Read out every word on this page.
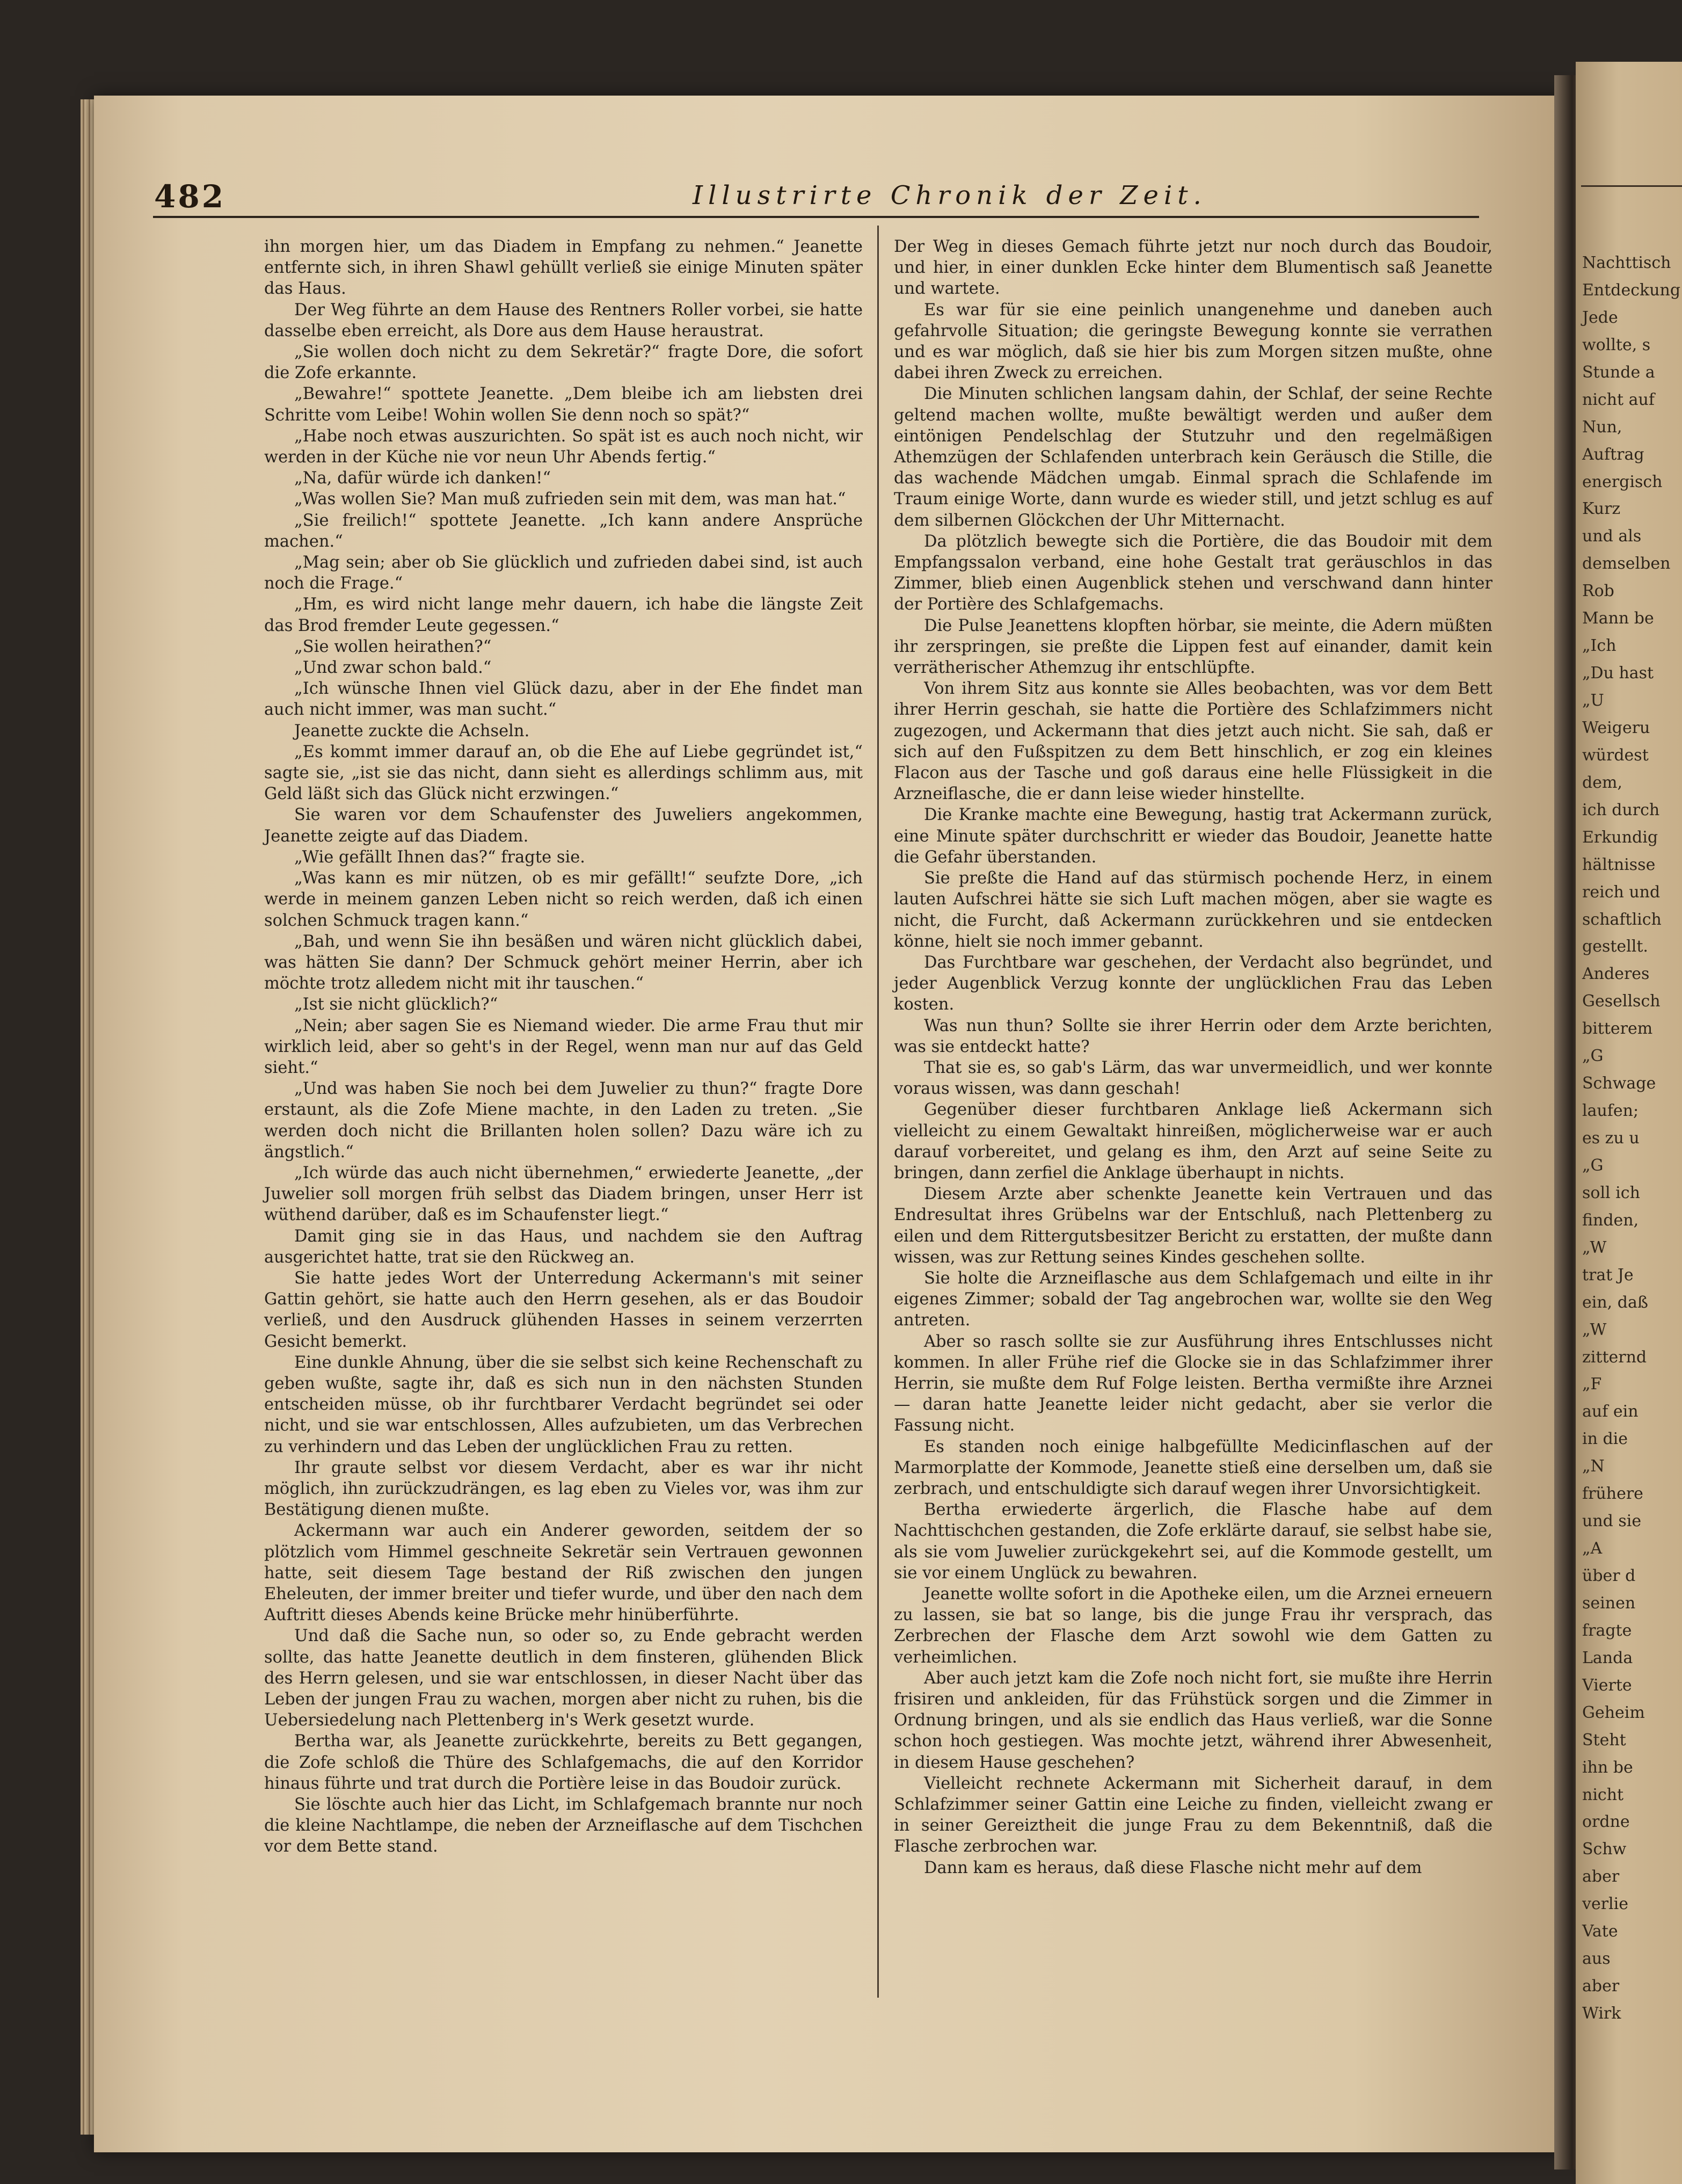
Nachttisch
Entdeckung
Jede
wollte, s
Stunde a
nicht auf
Nun,
Auftrag
energisch
Kurz
und als
demselben
Rob
Mann be
„Ich
„Du hast
„U
Weigeru
würdest
dem,
ich durch
Erkundig
hältnisse
reich und
schaftlich
gestellt.
Anderes
Gesellsch
bitterem
„G
Schwage
laufen;
es zu u
„G
soll ich
finden,
„W
trat Je
ein, daß
„W
zitternd
„F
auf ein
in die
„N
frühere
und sie
„A
über d
seinen
fragte
Landa
Vierte
Geheim
Steht
ihn be
nicht
ordne
Schw
aber
verlie
Vate
aus
aber
Wirk
482	Illustrirte Chronik der Zeit.

ihn morgen hier, um das Diadem in Empfang zu nehmen.“ Jeanette entfernte sich, in ihren Shawl gehüllt verließ sie einige Minuten später das Haus.

Der Weg führte an dem Hause des Rentners Roller vorbei, sie hatte dasselbe eben erreicht, als Dore aus dem Hause heraustrat.

„Sie wollen doch nicht zu dem Sekretär?“ fragte Dore, die sofort die Zofe erkannte.

„Bewahre!“ spottete Jeanette. „Dem bleibe ich am liebsten drei Schritte vom Leibe! Wohin wollen Sie denn noch so spät?“

„Habe noch etwas auszurichten. So spät ist es auch noch nicht, wir werden in der Küche nie vor neun Uhr Abends fertig.“

„Na, dafür würde ich danken!“

„Was wollen Sie? Man muß zufrieden sein mit dem, was man hat.“

„Sie freilich!“ spottete Jeanette. „Ich kann andere Ansprüche machen.“

„Mag sein; aber ob Sie glücklich und zufrieden dabei sind, ist auch noch die Frage.“

„Hm, es wird nicht lange mehr dauern, ich habe die längste Zeit das Brod fremder Leute gegessen.“

„Sie wollen heirathen?“

„Und zwar schon bald.“

„Ich wünsche Ihnen viel Glück dazu, aber in der Ehe findet man auch nicht immer, was man sucht.“

Jeanette zuckte die Achseln.

„Es kommt immer darauf an, ob die Ehe auf Liebe gegründet ist,“ sagte sie, „ist sie das nicht, dann sieht es allerdings schlimm aus, mit Geld läßt sich das Glück nicht erzwingen.“

Sie waren vor dem Schaufenster des Juweliers angekommen, Jeanette zeigte auf das Diadem.

„Wie gefällt Ihnen das?“ fragte sie.

„Was kann es mir nützen, ob es mir gefällt!“ seufzte Dore, „ich werde in meinem ganzen Leben nicht so reich werden, daß ich einen solchen Schmuck tragen kann.“

„Bah, und wenn Sie ihn besäßen und wären nicht glücklich dabei, was hätten Sie dann? Der Schmuck gehört meiner Herrin, aber ich möchte trotz alledem nicht mit ihr tauschen.“

„Ist sie nicht glücklich?“

„Nein; aber sagen Sie es Niemand wieder. Die arme Frau thut mir wirklich leid, aber so geht's in der Regel, wenn man nur auf das Geld sieht.“

„Und was haben Sie noch bei dem Juwelier zu thun?“ fragte Dore erstaunt, als die Zofe Miene machte, in den Laden zu treten. „Sie werden doch nicht die Brillanten holen sollen? Dazu wäre ich zu ängstlich.“

„Ich würde das auch nicht übernehmen,“ erwiederte Jeanette, „der Juwelier soll morgen früh selbst das Diadem bringen, unser Herr ist wüthend darüber, daß es im Schaufenster liegt.“

Damit ging sie in das Haus, und nachdem sie den Auftrag ausgerichtet hatte, trat sie den Rückweg an.

Sie hatte jedes Wort der Unterredung Ackermann's mit seiner Gattin gehört, sie hatte auch den Herrn gesehen, als er das Boudoir verließ, und den Ausdruck glühenden Hasses in seinem verzerrten Gesicht bemerkt.

Eine dunkle Ahnung, über die sie selbst sich keine Rechenschaft zu geben wußte, sagte ihr, daß es sich nun in den nächsten Stunden entscheiden müsse, ob ihr furchtbarer Verdacht begründet sei oder nicht, und sie war entschlossen, Alles aufzubieten, um das Verbrechen zu verhindern und das Leben der unglücklichen Frau zu retten.

Ihr graute selbst vor diesem Verdacht, aber es war ihr nicht möglich, ihn zurückzudrängen, es lag eben zu Vieles vor, was ihm zur Bestätigung dienen mußte.

Ackermann war auch ein Anderer geworden, seitdem der so plötzlich vom Himmel geschneite Sekretär sein Vertrauen gewonnen hatte, seit diesem Tage bestand der Riß zwischen den jungen Eheleuten, der immer breiter und tiefer wurde, und über den nach dem Auftritt dieses Abends keine Brücke mehr hinüberführte.

Und daß die Sache nun, so oder so, zu Ende gebracht werden sollte, das hatte Jeanette deutlich in dem finsteren, glühenden Blick des Herrn gelesen, und sie war entschlossen, in dieser Nacht über das Leben der jungen Frau zu wachen, morgen aber nicht zu ruhen, bis die Uebersiedelung nach Plettenberg in's Werk gesetzt wurde.

Bertha war, als Jeanette zurückkehrte, bereits zu Bett gegangen, die Zofe schloß die Thüre des Schlafgemachs, die auf den Korridor hinaus führte und trat durch die Portière leise in das Boudoir zurück.

Sie löschte auch hier das Licht, im Schlafgemach brannte nur noch die kleine Nachtlampe, die neben der Arzneiflasche auf dem Tischchen vor dem Bette stand.

Der Weg in dieses Gemach führte jetzt nur noch durch das Boudoir, und hier, in einer dunklen Ecke hinter dem Blumentisch saß Jeanette und wartete.

Es war für sie eine peinlich unangenehme und daneben auch gefahrvolle Situation; die geringste Bewegung konnte sie verrathen und es war möglich, daß sie hier bis zum Morgen sitzen mußte, ohne dabei ihren Zweck zu erreichen.

Die Minuten schlichen langsam dahin, der Schlaf, der seine Rechte geltend machen wollte, mußte bewältigt werden und außer dem eintönigen Pendelschlag der Stutzuhr und den regelmäßigen Athemzügen der Schlafenden unterbrach kein Geräusch die Stille, die das wachende Mädchen umgab. Einmal sprach die Schlafende im Traum einige Worte, dann wurde es wieder still, und jetzt schlug es auf dem silbernen Glöckchen der Uhr Mitternacht.

Da plötzlich bewegte sich die Portière, die das Boudoir mit dem Empfangssalon verband, eine hohe Gestalt trat geräuschlos in das Zimmer, blieb einen Augenblick stehen und verschwand dann hinter der Portière des Schlafgemachs.

Die Pulse Jeanettens klopften hörbar, sie meinte, die Adern müßten ihr zerspringen, sie preßte die Lippen fest auf einander, damit kein verrätherischer Athemzug ihr entschlüpfte.

Von ihrem Sitz aus konnte sie Alles beobachten, was vor dem Bett ihrer Herrin geschah, sie hatte die Portière des Schlafzimmers nicht zugezogen, und Ackermann that dies jetzt auch nicht. Sie sah, daß er sich auf den Fußspitzen zu dem Bett hinschlich, er zog ein kleines Flacon aus der Tasche und goß daraus eine helle Flüssigkeit in die Arzneiflasche, die er dann leise wieder hinstellte.

Die Kranke machte eine Bewegung, hastig trat Ackermann zurück, eine Minute später durchschritt er wieder das Boudoir, Jeanette hatte die Gefahr überstanden.

Sie preßte die Hand auf das stürmisch pochende Herz, in einem lauten Aufschrei hätte sie sich Luft machen mögen, aber sie wagte es nicht, die Furcht, daß Ackermann zurückkehren und sie entdecken könne, hielt sie noch immer gebannt.

Das Furchtbare war geschehen, der Verdacht also begründet, und jeder Augenblick Verzug konnte der unglücklichen Frau das Leben kosten.

Was nun thun? Sollte sie ihrer Herrin oder dem Arzte berichten, was sie entdeckt hatte?

That sie es, so gab's Lärm, das war unvermeidlich, und wer konnte voraus wissen, was dann geschah!

Gegenüber dieser furchtbaren Anklage ließ Ackermann sich vielleicht zu einem Gewaltakt hinreißen, möglicherweise war er auch darauf vorbereitet, und gelang es ihm, den Arzt auf seine Seite zu bringen, dann zerfiel die Anklage überhaupt in nichts.

Diesem Arzte aber schenkte Jeanette kein Vertrauen und das Endresultat ihres Grübelns war der Entschluß, nach Plettenberg zu eilen und dem Rittergutsbesitzer Bericht zu erstatten, der mußte dann wissen, was zur Rettung seines Kindes geschehen sollte.

Sie holte die Arzneiflasche aus dem Schlafgemach und eilte in ihr eigenes Zimmer; sobald der Tag angebrochen war, wollte sie den Weg antreten.

Aber so rasch sollte sie zur Ausführung ihres Entschlusses nicht kommen. In aller Frühe rief die Glocke sie in das Schlafzimmer ihrer Herrin, sie mußte dem Ruf Folge leisten. Bertha vermißte ihre Arznei — daran hatte Jeanette leider nicht gedacht, aber sie verlor die Fassung nicht.

Es standen noch einige halbgefüllte Medicinflaschen auf der Marmorplatte der Kommode, Jeanette stieß eine derselben um, daß sie zerbrach, und entschuldigte sich darauf wegen ihrer Unvorsichtigkeit.

Bertha erwiederte ärgerlich, die Flasche habe auf dem Nachttischchen gestanden, die Zofe erklärte darauf, sie selbst habe sie, als sie vom Juwelier zurückgekehrt sei, auf die Kommode gestellt, um sie vor einem Unglück zu bewahren.

Jeanette wollte sofort in die Apotheke eilen, um die Arznei erneuern zu lassen, sie bat so lange, bis die junge Frau ihr versprach, das Zerbrechen der Flasche dem Arzt sowohl wie dem Gatten zu verheimlichen.

Aber auch jetzt kam die Zofe noch nicht fort, sie mußte ihre Herrin frisiren und ankleiden, für das Frühstück sorgen und die Zimmer in Ordnung bringen, und als sie endlich das Haus verließ, war die Sonne schon hoch gestiegen. Was mochte jetzt, während ihrer Abwesenheit, in diesem Hause geschehen?

Vielleicht rechnete Ackermann mit Sicherheit darauf, in dem Schlafzimmer seiner Gattin eine Leiche zu finden, vielleicht zwang er in seiner Gereiztheit die junge Frau zu dem Bekenntniß, daß die Flasche zerbrochen war.

Dann kam es heraus, daß diese Flasche nicht mehr auf dem
